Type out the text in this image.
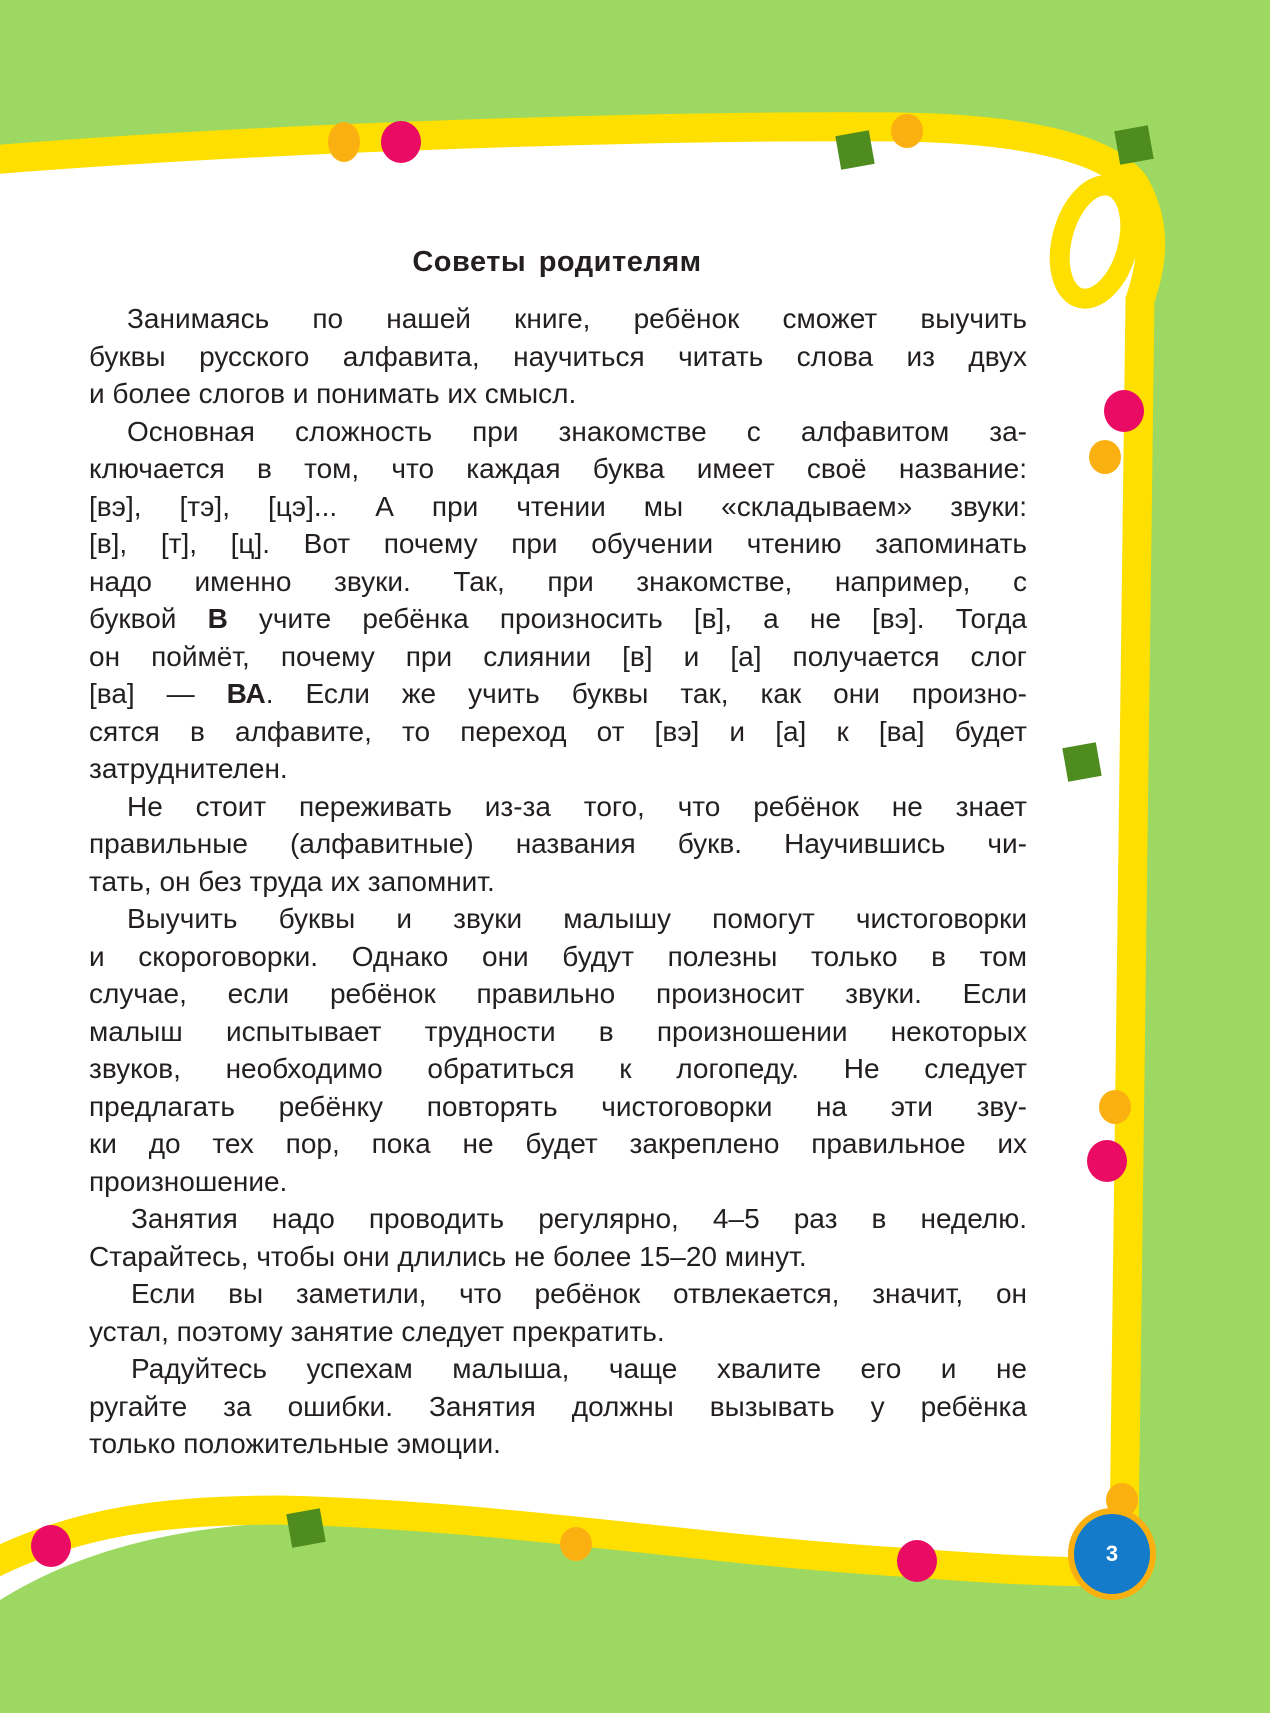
Советы родителям
Занимаясь по нашей книге, ребёнок сможет выучить
буквы русского алфавита, научиться читать слова из двух
и более слогов и понимать их смысл.
Основная сложность при знакомстве с алфавитом за-
ключается в том, что каждая буква имеет своё название:
[вэ], [тэ], [цэ]... А при чтении мы «складываем» звуки:
[в], [т], [ц]. Вот почему при обучении чтению запоминать
надо именно звуки. Так, при знакомстве, например, с
буквой В учите ребёнка произносить [в], а не [вэ]. Тогда
он поймёт, почему при слиянии [в] и [а] получается слог
[ва] — ВА. Если же учить буквы так, как они произно-
сятся в алфавите, то переход от [вэ] и [а] к [ва] будет
затруднителен.
Не стоит переживать из-за того, что ребёнок не знает
правильные (алфавитные) названия букв. Научившись чи-
тать, он без труда их запомнит.
Выучить буквы и звуки малышу помогут чистоговорки
и скороговорки. Однако они будут полезны только в том
случае, если ребёнок правильно произносит звуки. Если
малыш испытывает трудности в произношении некоторых
звуков, необходимо обратиться к логопеду. Не следует
предлагать ребёнку повторять чистоговорки на эти зву-
ки до тех пор, пока не будет закреплено правильное их
произношение.
Занятия надо проводить регулярно, 4–5 раз в неделю.
Старайтесь, чтобы они длились не более 15–20 минут.
Если вы заметили, что ребёнок отвлекается, значит, он
устал, поэтому занятие следует прекратить.
Радуйтесь успехам малыша, чаще хвалите его и не
ругайте за ошибки. Занятия должны вызывать у ребёнка
только положительные эмоции.
3
